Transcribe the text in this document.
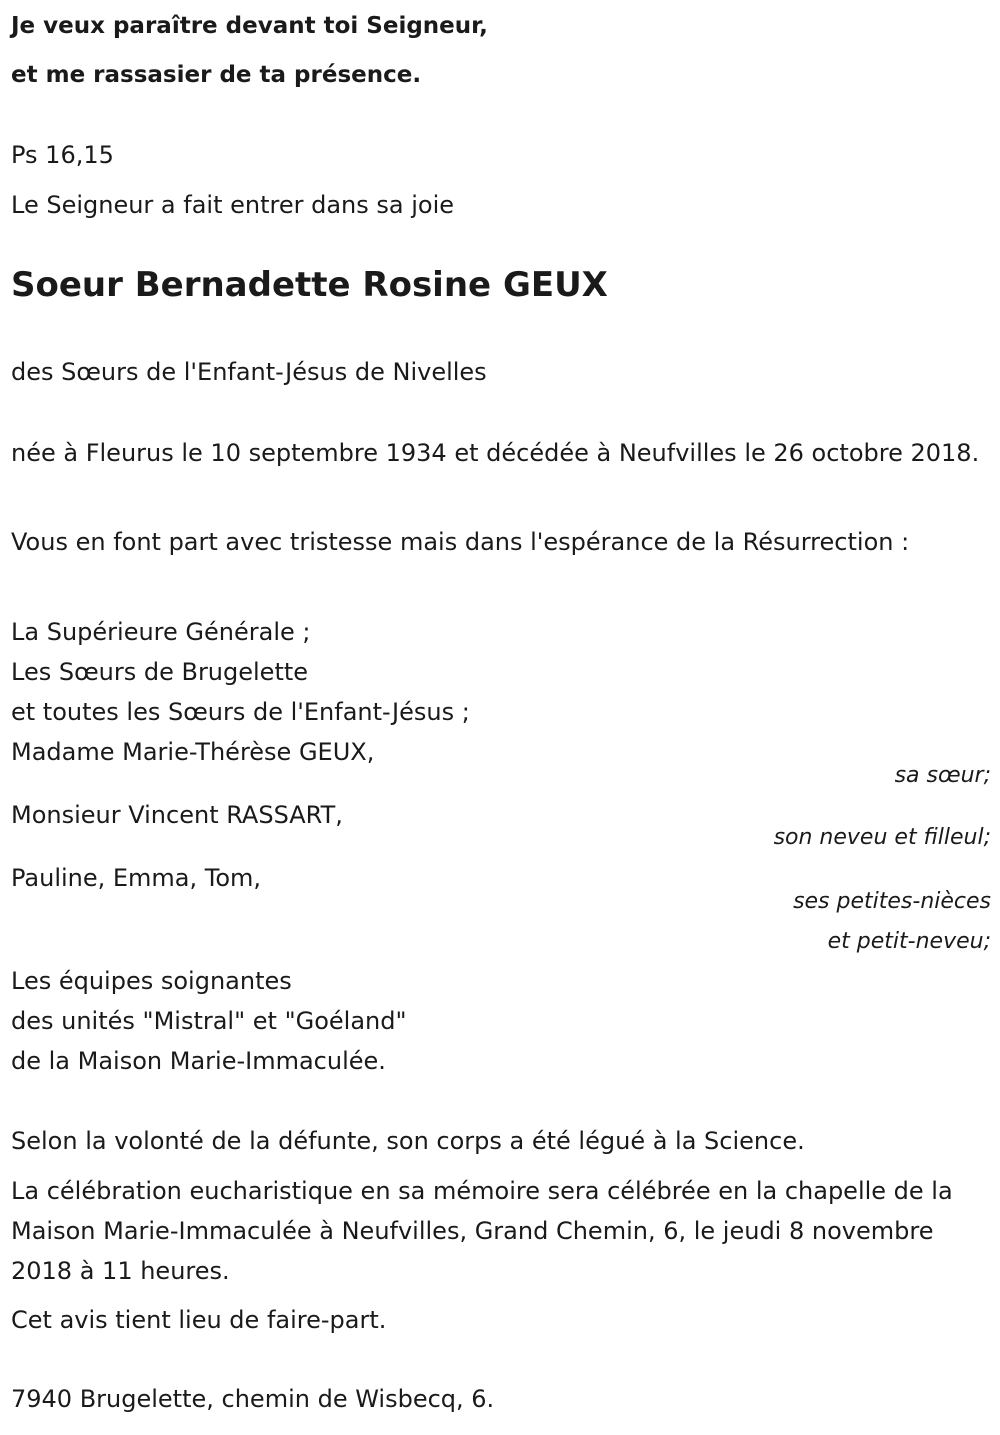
Je veux paraître devant toi Seigneur,
et me rassasier de ta présence.
Ps 16,15
Le Seigneur a fait entrer dans sa joie
Soeur Bernadette Rosine GEUX
des Sœurs de l'Enfant-Jésus de Nivelles
née à Fleurus le 10 septembre 1934 et décédée à Neufvilles le 26 octobre 2018.
Vous en font part avec tristesse mais dans l'espérance de la Résurrection :
La Supérieure Générale ;
Les Sœurs de Brugelette
et toutes les Sœurs de l'Enfant-Jésus ;
Madame Marie-Thérèse GEUX,
sa sœur;
Monsieur Vincent RASSART,
son neveu et filleul;
Pauline, Emma, Tom,
ses petites-nièces
et petit-neveu;
Les équipes soignantes
des unités "Mistral" et "Goéland"
de la Maison Marie-Immaculée.
Selon la volonté de la défunte, son corps a été légué à la Science.
La célébration eucharistique en sa mémoire sera célébrée en la chapelle de la Maison Marie-Immaculée à Neufvilles, Grand Chemin, 6, le jeudi 8 novembre 2018 à 11 heures.
Cet avis tient lieu de faire-part.
7940 Brugelette, chemin de Wisbecq, 6.
